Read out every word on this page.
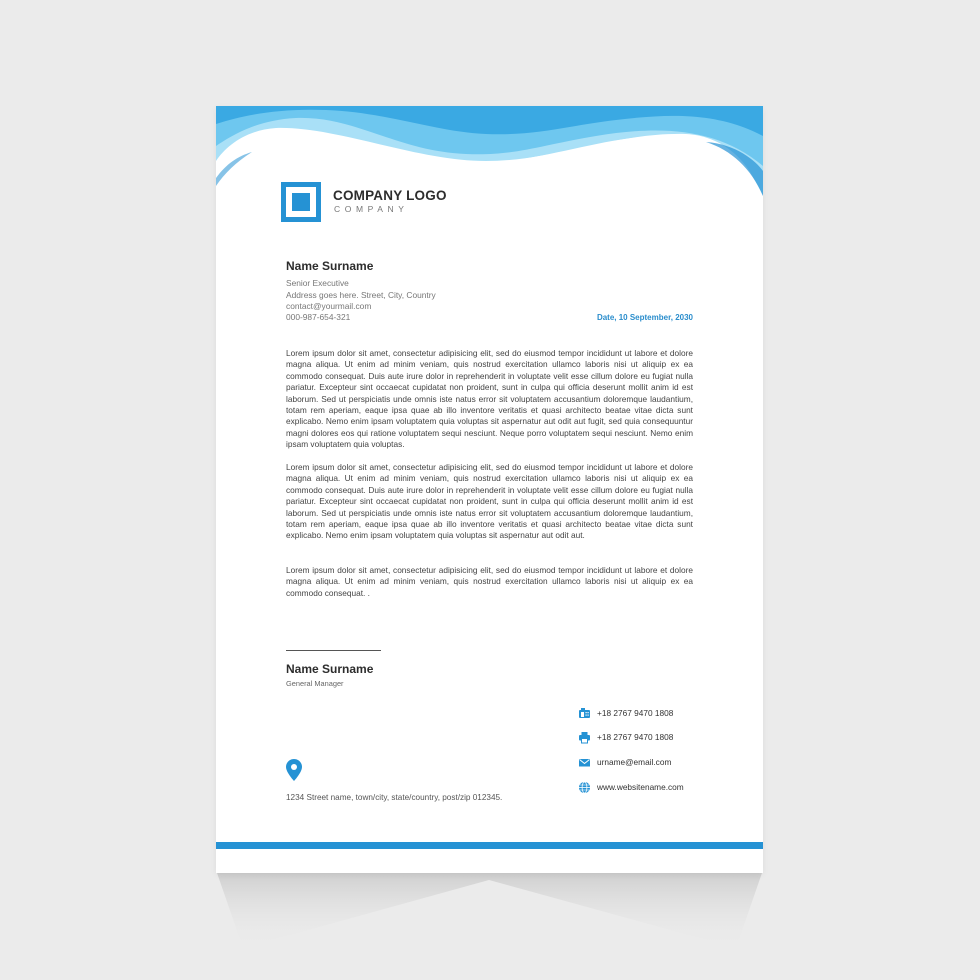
COMPANY LOGO
COMPANY
Name Surname
Senior Executive
Address goes here. Street, City, Country
contact@yourmail.com
000-987-654-321	Date, 10 September, 2030

Lorem ipsum dolor sit amet, consectetur adipisicing elit, sed do eiusmod tempor incididunt ut labore et dolore magna aliqua. Ut enim ad minim veniam, quis nostrud exercitation ullamco laboris nisi ut aliquip ex ea commodo consequat. Duis aute irure dolor in reprehenderit in voluptate velit esse cillum dolore eu fugiat nulla pariatur. Excepteur sint occaecat cupidatat non proident, sunt in culpa qui officia deserunt mollit anim id est laborum. Sed ut perspiciatis unde omnis iste natus error sit voluptatem accusantium doloremque laudantium, totam rem aperiam, eaque ipsa quae ab illo inventore veritatis et quasi architecto beatae vitae dicta sunt explicabo. Nemo enim ipsam voluptatem quia voluptas sit aspernatur aut odit aut fugit, sed quia consequuntur magni dolores eos qui ratione voluptatem sequi nesciunt. Neque porro voluptatem sequi nesciunt. Nemo enim ipsam voluptatem quia voluptas.

Lorem ipsum dolor sit amet, consectetur adipisicing elit, sed do eiusmod tempor incididunt ut labore et dolore magna aliqua. Ut enim ad minim veniam, quis nostrud exercitation ullamco laboris nisi ut aliquip ex ea commodo consequat. Duis aute irure dolor in reprehenderit in voluptate velit esse cillum dolore eu fugiat nulla pariatur. Excepteur sint occaecat cupidatat non proident, sunt in culpa qui officia deserunt mollit anim id est laborum. Sed ut perspiciatis unde omnis iste natus error sit voluptatem accusantium doloremque laudantium, totam rem aperiam, eaque ipsa quae ab illo inventore veritatis et quasi architecto beatae vitae dicta sunt explicabo. Nemo enim ipsam voluptatem quia voluptas sit aspernatur aut odit aut.

Lorem ipsum dolor sit amet, consectetur adipisicing elit, sed do eiusmod tempor incididunt ut labore et dolore magna aliqua. Ut enim ad minim veniam, quis nostrud exercitation ullamco laboris nisi ut aliquip ex ea commodo consequat. .

Name Surname
General Manager
+18 2767 9470 1808
+18 2767 9470 1808
urname@email.com
www.websitename.com
1234 Street name, town/city, state/country, post/zip 012345.
